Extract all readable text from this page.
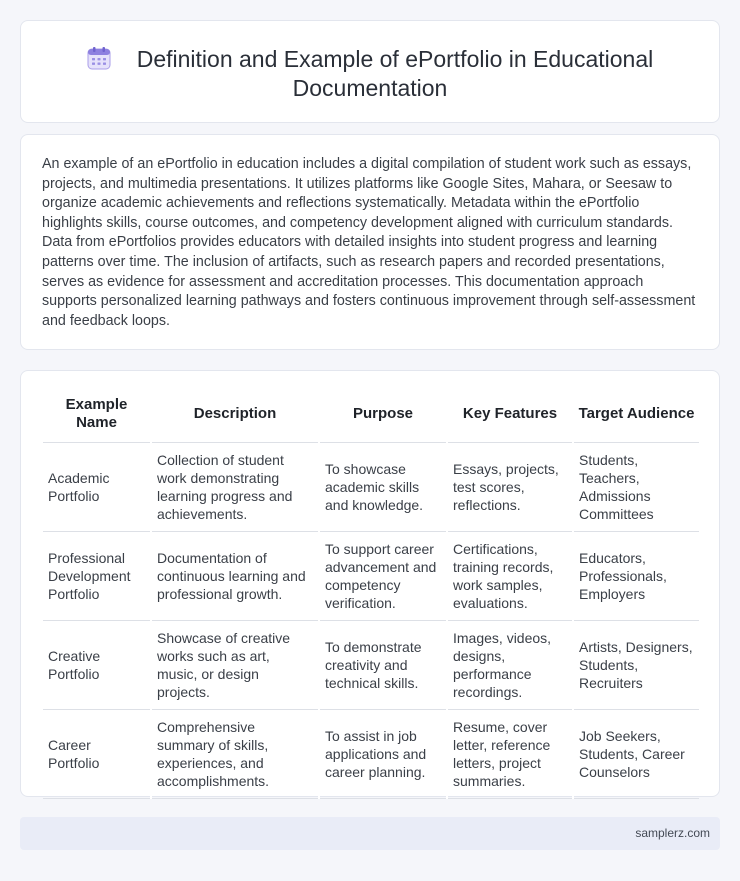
Definition and Example of ePortfolio in Educational Documentation

An example of an ePortfolio in education includes a digital compilation of student work such as essays, projects, and multimedia presentations. It utilizes platforms like Google Sites, Mahara, or Seesaw to organize academic achievements and reflections systematically. Metadata within the ePortfolio highlights skills, course outcomes, and competency development aligned with curriculum standards. Data from ePortfolios provides educators with detailed insights into student progress and learning patterns over time. The inclusion of artifacts, such as research papers and recorded presentations, serves as evidence for assessment and accreditation processes. This documentation approach supports personalized learning pathways and fosters continuous improvement through self-assessment and feedback loops.

Example Name	Description	Purpose	Key Features	Target Audience
Academic Portfolio	Collection of student work demonstrating learning progress and achievements.	To showcase academic skills and knowledge.	Essays, projects, test scores, reflections.	Students, Teachers, Admissions Committees
Professional Development Portfolio	Documentation of continuous learning and professional growth.	To support career advancement and competency verification.	Certifications, training records, work samples, evaluations.	Educators, Professionals, Employers
Creative Portfolio	Showcase of creative works such as art, music, or design projects.	To demonstrate creativity and technical skills.	Images, videos, designs, performance recordings.	Artists, Designers, Students, Recruiters
Career Portfolio	Comprehensive summary of skills, experiences, and accomplishments.	To assist in job applications and career planning.	Resume, cover letter, reference letters, project summaries.	Job Seekers, Students, Career Counselors
samplerz.com
